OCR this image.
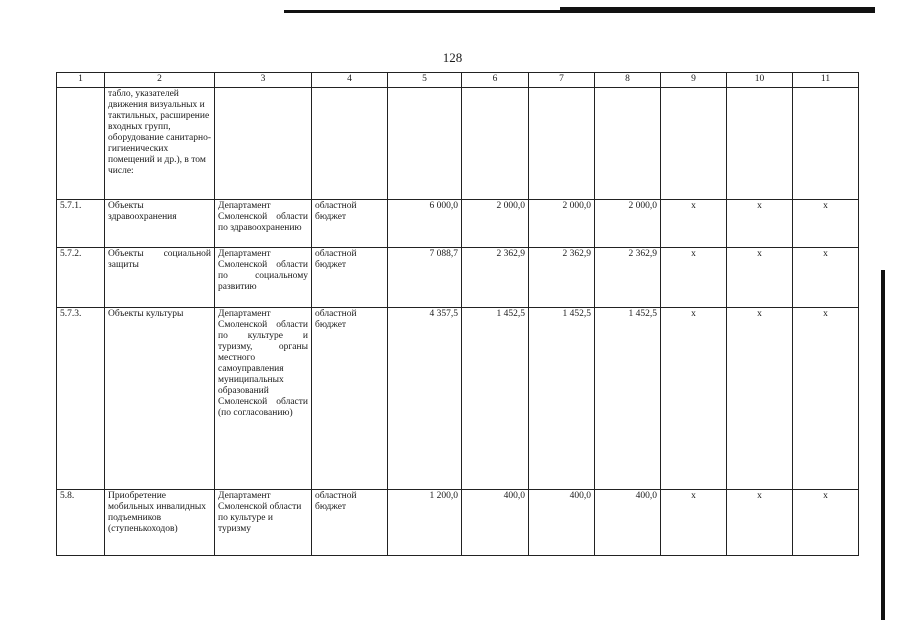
128
1	2	3	4	5	6	7	8	9	10	11
	табло, указателей движения визуальных и тактильных, расширение входных групп, оборудование санитарно-гигиенических помещений и др.), в том числе:									
5.7.1.	Объекты здравоохранения	Департамент Смоленской области по здравоохранению	областной бюджет	6 000,0	2 000,0	2 000,0	2 000,0	x	x	x
5.7.2.	Объекты социальной защиты	Департамент Смоленской области по социальному развитию	областной бюджет	7 088,7	2 362,9	2 362,9	2 362,9	x	x	x
5.7.3.	Объекты культуры	Департамент Смоленской области по культуре и туризму, органы местного самоуправления муниципальных образований Смоленской области (по согласованию)	областной бюджет	4 357,5	1 452,5	1 452,5	1 452,5	x	x	x
5.8.	Приобретение мобильных инвалидных подъемников (ступенькоходов)	Департамент Смоленской области по культуре и туризму	областной бюджет	1 200,0	400,0	400,0	400,0	x	x	x
